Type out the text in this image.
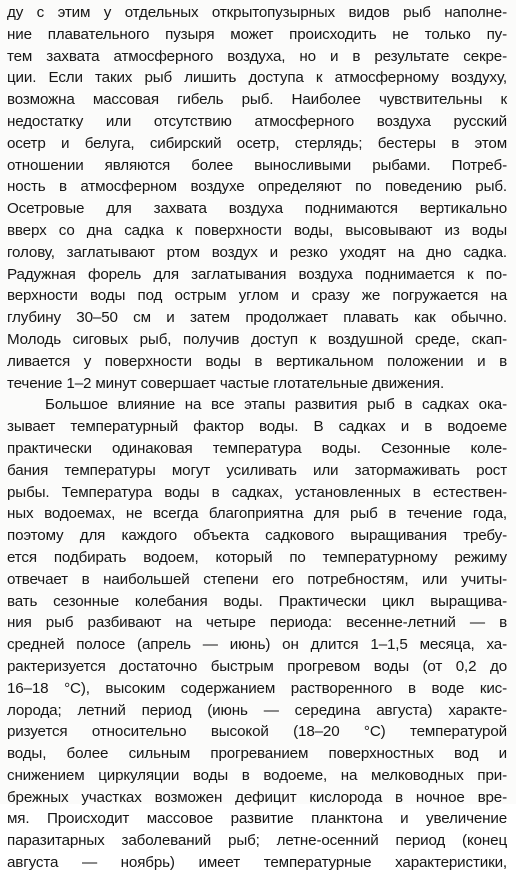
ду с этим у отдельных открытопузырных видов рыб наполне-
ние плавательного пузыря может происходить не только пу-
тем захвата атмосферного воздуха, но и в результате секре-
ции. Если таких рыб лишить доступа к атмосферному воздуху,
возможна массовая гибель рыб. Наиболее чувствительны к
недостатку или отсутствию атмосферного воздуха русский
осетр и белуга, сибирский осетр, стерлядь; бестеры в этом
отношении являются более выносливыми рыбами. Потреб-
ность в атмосферном воздухе определяют по поведению рыб.
Осетровые для захвата воздуха поднимаются вертикально
вверх со дна садка к поверхности воды, высовывают из воды
голову, заглатывают ртом воздух и резко уходят на дно садка.
Радужная форель для заглатывания воздуха поднимается к по-
верхности воды под острым углом и сразу же погружается на
глубину 30–50 см и затем продолжает плавать как обычно.
Молодь сиговых рыб, получив доступ к воздушной среде, скап-
ливается у поверхности воды в вертикальном положении и в
течение 1–2 минут совершает частые глотательные движения.
Большое влияние на все этапы развития рыб в садках ока-
зывает температурный фактор воды. В садках и в водоеме
практически одинаковая температура воды. Сезонные коле-
бания температуры могут усиливать или затормаживать рост
рыбы. Температура воды в садках, установленных в естествен-
ных водоемах, не всегда благоприятна для рыб в течение года,
поэтому для каждого объекта садкового выращивания требу-
ется подбирать водоем, который по температурному режиму
отвечает в наибольшей степени его потребностям, или учиты-
вать сезонные колебания воды. Практически цикл выращива-
ния рыб разбивают на четыре периода: весенне-летний — в
средней полосе (апрель — июнь) он длится 1–1,5 месяца, ха-
рактеризуется достаточно быстрым прогревом воды (от 0,2 до
16–18 °С), высоким содержанием растворенного в воде кис-
лорода; летний период (июнь — середина августа) характе-
ризуется относительно высокой (18–20 °С) температурой
воды, более сильным прогреванием поверхностных вод и
снижением циркуляции воды в водоеме, на мелководных при-
брежных участках возможен дефицит кислорода в ночное вре-
мя. Происходит массовое развитие планктона и увеличение
паразитарных заболеваний рыб; летне-осенний период (конец
августа — ноябрь) имеет температурные характеристики,
